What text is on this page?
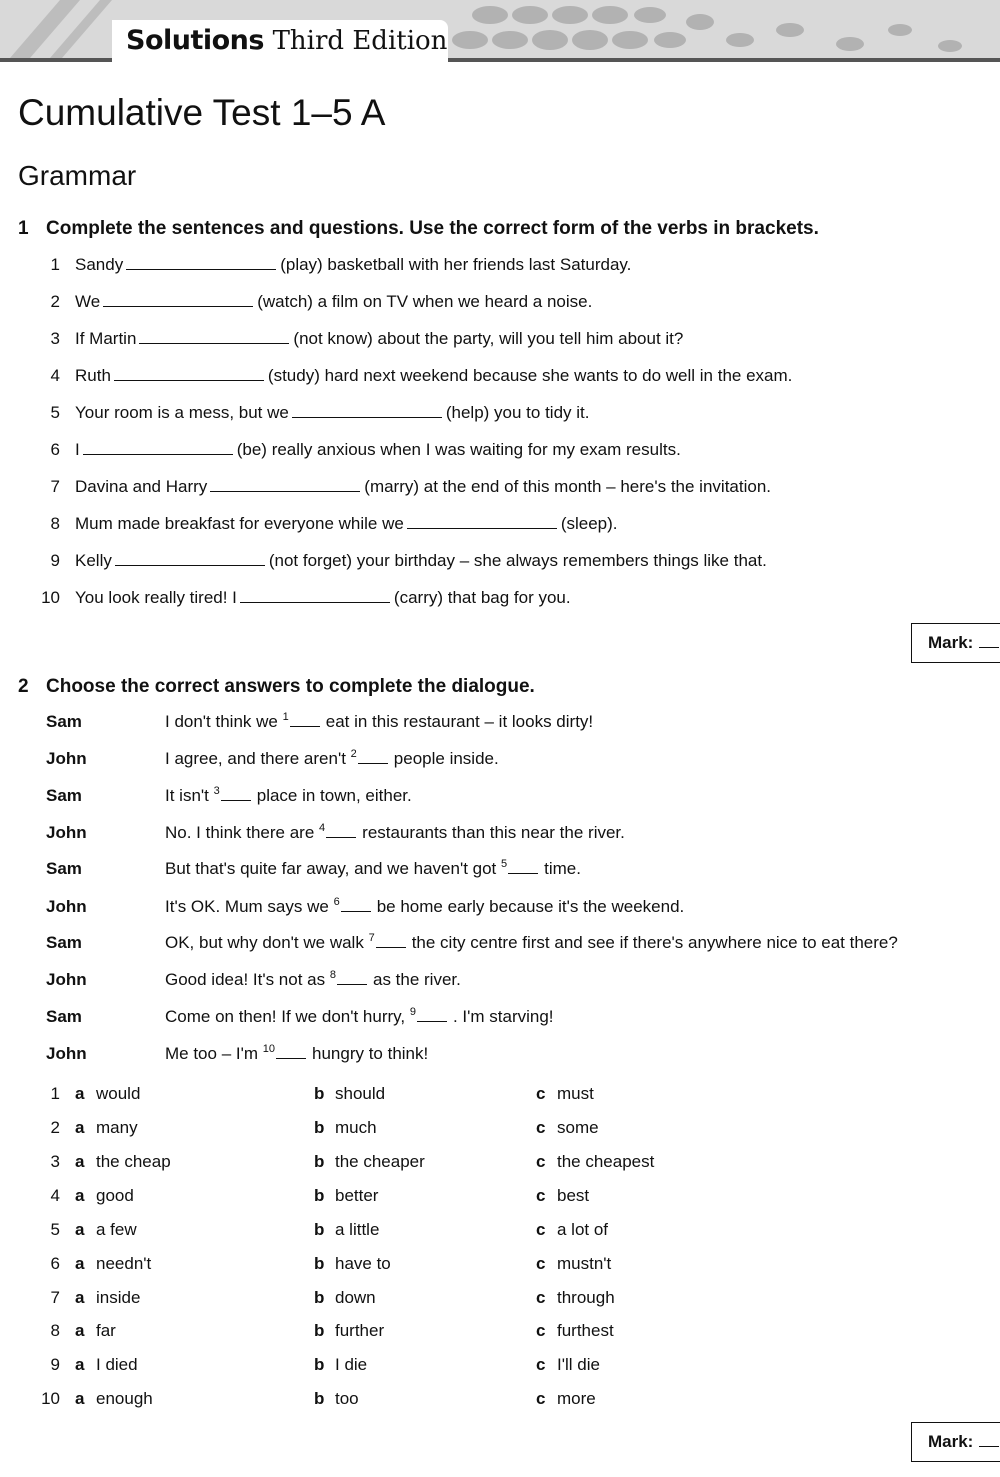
Solutions Third Edition
Cumulative Test 1–5 A
Grammar
1 Complete the sentences and questions. Use the correct form of the verbs in brackets.
1 Sandy	(play) basketball with her friends last Saturday.
2 We	(watch) a film on TV when we heard a noise.
3 If Martin	(not know) about the party, will you tell him about it?
4 Ruth	(study) hard next weekend because she wants to do well in the exam.
5 Your room is a mess, but we	(help) you to tidy it.
6 I	(be) really anxious when I was waiting for my exam results.
7 Davina and Harry	(marry) at the end of this month – here's the invitation.
8 Mum made breakfast for everyone while we	(sleep).
9 Kelly	(not forget) your birthday – she always remembers things like that.
10 You look really tired! I	(carry) that bag for you.
Mark:
2 Choose the correct answers to complete the dialogue.
Sam	I don't think we $^1$ eat in this restaurant – it looks dirty!
John	I agree, and there aren't $^2$ people inside.
Sam	It isn't $^3$ place in town, either.
John	No. I think there are $^4$ restaurants than this near the river.
Sam	But that's quite far away, and we haven't got $^5$ time.
John	It's OK. Mum says we $^6$ be home early because it's the weekend.
Sam	OK, but why don't we walk $^7$ the city centre first and see if there's anywhere nice to eat there?
John	Good idea! It's not as $^8$ as the river.
Sam	Come on then! If we don't hurry, $^9$ . I'm starving!
John	Me too – I'm $^{10}$ hungry to think!
1 a would	b should	c must
2 a many	b much	c some
3 a the cheap	b the cheaper	c the cheapest
4 a good	b better	c best
5 a a few	b a little	c a lot of
6 a needn't	b have to	c mustn't
7 a inside	b down	c through
8 a far	b further	c furthest
9 a I died	b I die	c I'll die
10 a enough	b too	c more
Mark:
